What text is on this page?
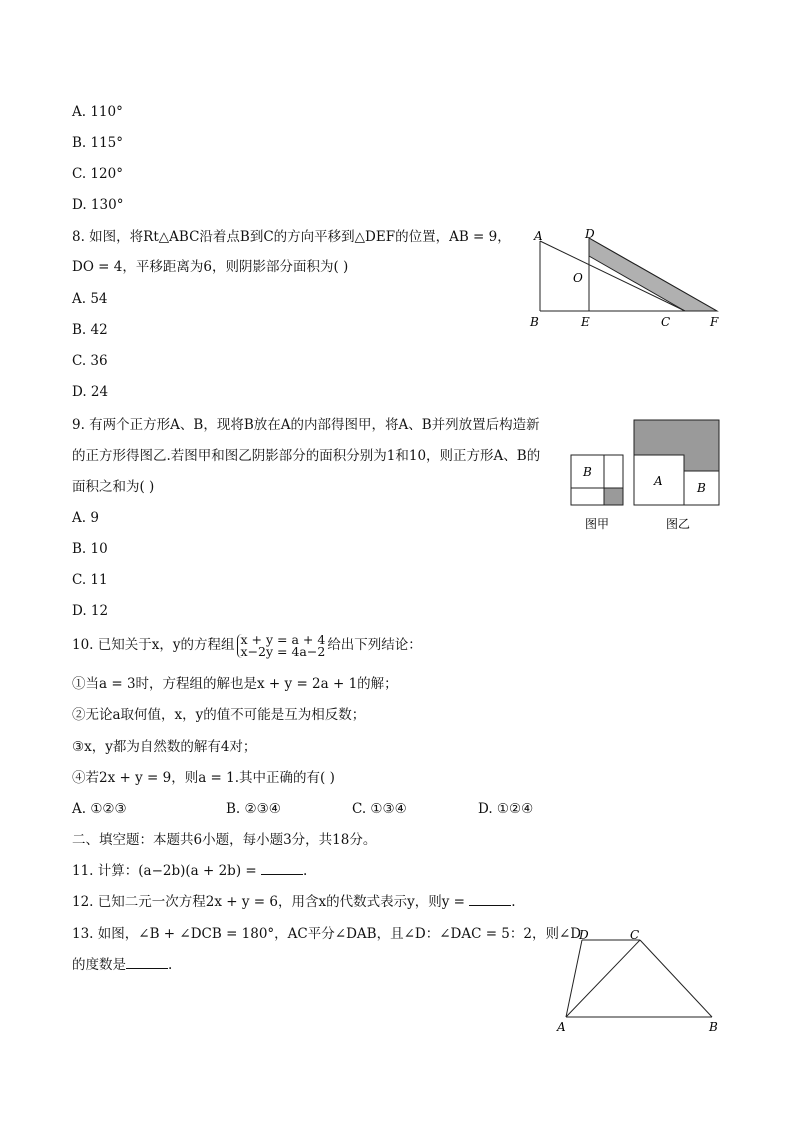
A. 110°
B. 115°
C. 120°
D. 130°
8. 如图，将Rt△ABC沿着点B到C的方向平移到△DEF的位置，AB = 9，
DO = 4，平移距离为6，则阴影部分面积为( )
A. 54
B. 42
C. 36
D. 24
A	D
O
B	E	C	F
9. 有两个正方形A、B，现将B放在A的内部得图甲，将A、B并列放置后构造新
的正方形得图乙.若图甲和图乙阴影部分的面积分别为1和10，则正方形A、B的
面积之和为( )
A. 9
B. 10
C. 11
D. 12
B
图甲
A	B
图乙
10. 已知关于x，y的方程组 x + y = a + 4
x−2y = 4a−2 给出下列结论：
①当a = 3时，方程组的解也是x + y = 2a + 1的解；
②无论a取何值，x，y的值不可能是互为相反数；
③x，y都为自然数的解有4对；
④若2x + y = 9，则a = 1.其中正确的有( )
A. ①②③	B. ②③④	C. ①③④	D. ①②④
二、填空题：本题共6小题，每小题3分，共18分。
11. 计算：(a−2b)(a + 2b) =	.
12. 已知二元一次方程2x + y = 6，用含x的代数式表示y，则y =	.
13. 如图，∠B + ∠DCB = 180°，AC平分∠DAB，且∠D：∠DAC = 5：2，则∠D
的度数是	.
D	C
A	B
